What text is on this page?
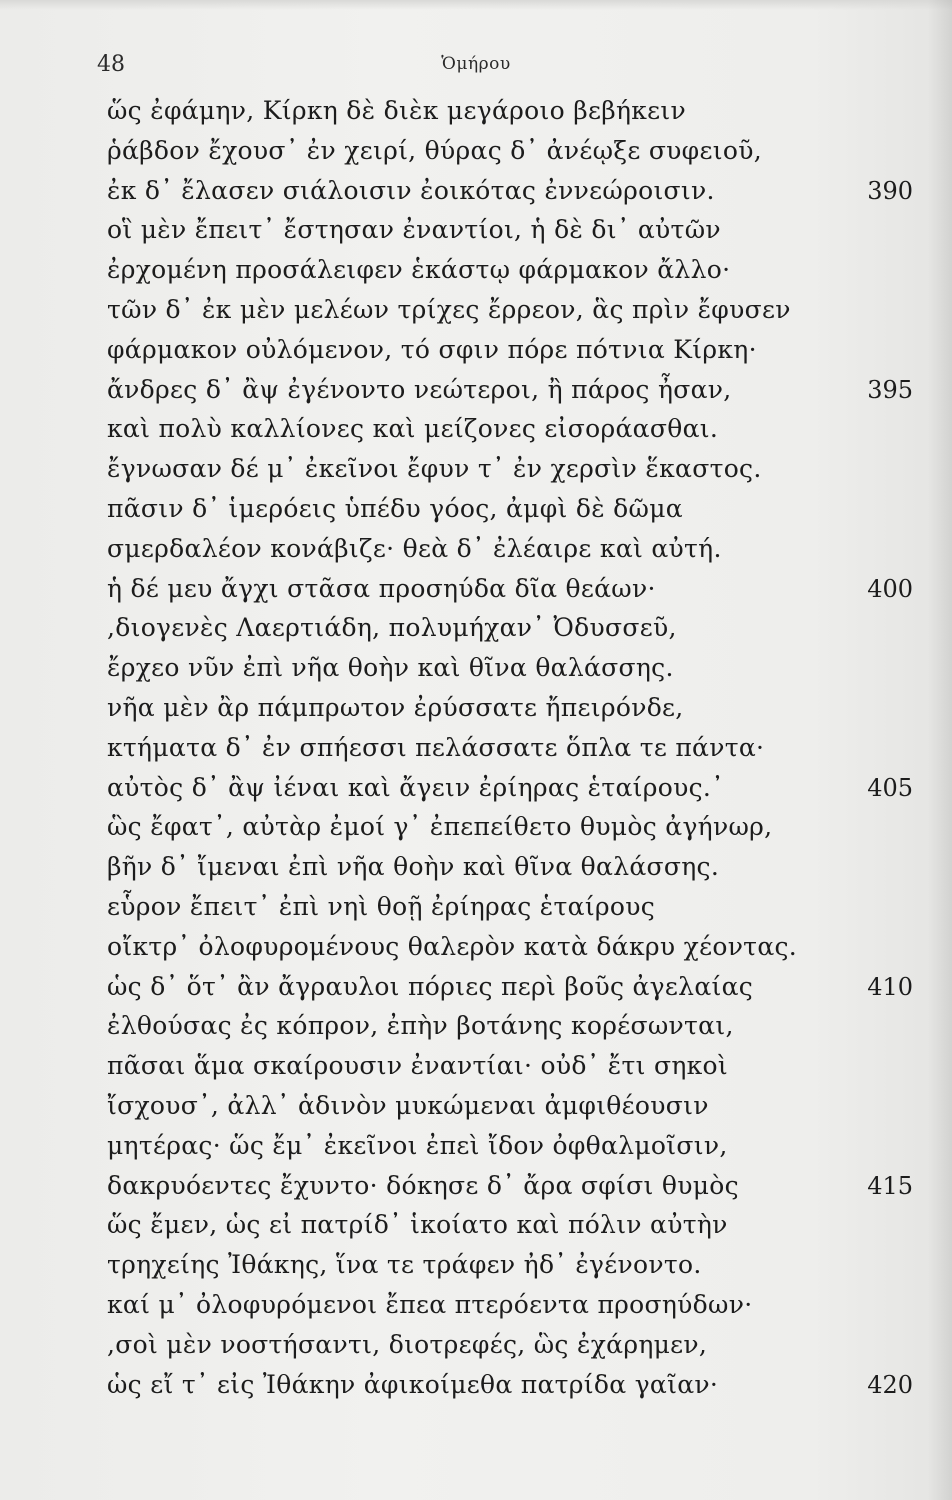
48	Ὁμήρου
ὥς ἐφάμην, Κίρκη δὲ διὲκ μεγάροιο βεβήκειν
ῥάβδον ἔχουσ᾽ ἐν χειρί, θύρας δ᾽ ἀνέῳξε συφειοῦ,
ἐκ δ᾽ ἔλασεν σιάλοισιν ἐοικότας ἐννεώροισιν.
οἳ μὲν ἔπειτ᾽ ἔστησαν ἐναντίοι, ἡ δὲ δι᾽ αὐτῶν
ἐρχομένη προσάλειφεν ἑκάστῳ φάρμακον ἄλλο·
τῶν δ᾽ ἐκ μὲν μελέων τρίχες ἔρρεον, ἃς πρὶν ἔφυσεν
φάρμακον οὐλόμενον, τό σφιν πόρε πότνια Κίρκη·
ἄνδρες δ᾽ ἂψ ἐγένοντο νεώτεροι, ἢ πάρος ἦσαν,
καὶ πολὺ καλλίονες καὶ μείζονες εἰσοράασθαι.
ἔγνωσαν δέ μ᾽ ἐκεῖνοι ἔφυν τ᾽ ἐν χερσὶν ἕκαστος.
πᾶσιν δ᾽ ἱμερόεις ὑπέδυ γόος, ἀμφὶ δὲ δῶμα
σμερδαλέον κονάβιζε· θεὰ δ᾽ ἐλέαιρε καὶ αὐτή.
ἡ δέ μευ ἄγχι στᾶσα προσηύδα δῖα θεάων·
,διογενὲς Λαερτιάδη, πολυμήχαν᾽ Ὀδυσσεῦ,
ἔρχεο νῦν ἐπὶ νῆα θοὴν καὶ θῖνα θαλάσσης.
νῆα μὲν ἂρ πάμπρωτον ἐρύσσατε ἤπειρόνδε,
κτήματα δ᾽ ἐν σπήεσσι πελάσσατε ὅπλα τε πάντα·
αὐτὸς δ᾽ ἂψ ἰέναι καὶ ἄγειν ἐρίηρας ἑταίρους.᾽
ὣς ἔφατ᾽, αὐτὰρ ἐμοί γ᾽ ἐπεπείθετο θυμὸς ἀγήνωρ,
βῆν δ᾽ ἴμεναι ἐπὶ νῆα θοὴν καὶ θῖνα θαλάσσης.
εὗρον ἔπειτ᾽ ἐπὶ νηὶ θοῇ ἐρίηρας ἑταίρους
οἴκτρ᾽ ὀλοφυρομένους θαλερὸν κατὰ δάκρυ χέοντας.
ὡς δ᾽ ὅτ᾽ ἂν ἄγραυλοι πόριες περὶ βοῦς ἀγελαίας
ἐλθούσας ἐς κόπρον, ἐπὴν βοτάνης κορέσωνται,
πᾶσαι ἅμα σκαίρουσιν ἐναντίαι· οὐδ᾽ ἔτι σηκοὶ
ἴσχουσ᾽, ἀλλ᾽ ἁδινὸν μυκώμεναι ἀμφιθέουσιν
μητέρας· ὥς ἔμ᾽ ἐκεῖνοι ἐπεὶ ἴδον ὀφθαλμοῖσιν,
δακρυόεντες ἔχυντο· δόκησε δ᾽ ἄρα σφίσι θυμὸς
ὥς ἔμεν, ὡς εἰ πατρίδ᾽ ἱκοίατο καὶ πόλιν αὐτὴν
τρηχείης Ἰθάκης, ἵνα τε τράφεν ἠδ᾽ ἐγένοντο.
καί μ᾽ ὀλοφυρόμενοι ἔπεα πτερόεντα προσηύδων·
,σοὶ μὲν νοστήσαντι, διοτρεφές, ὣς ἐχάρημεν,
ὡς εἴ τ᾽ εἰς Ἰθάκην ἀφικοίμεθα πατρίδα γαῖαν·
390
395
400
405
410
415
420
